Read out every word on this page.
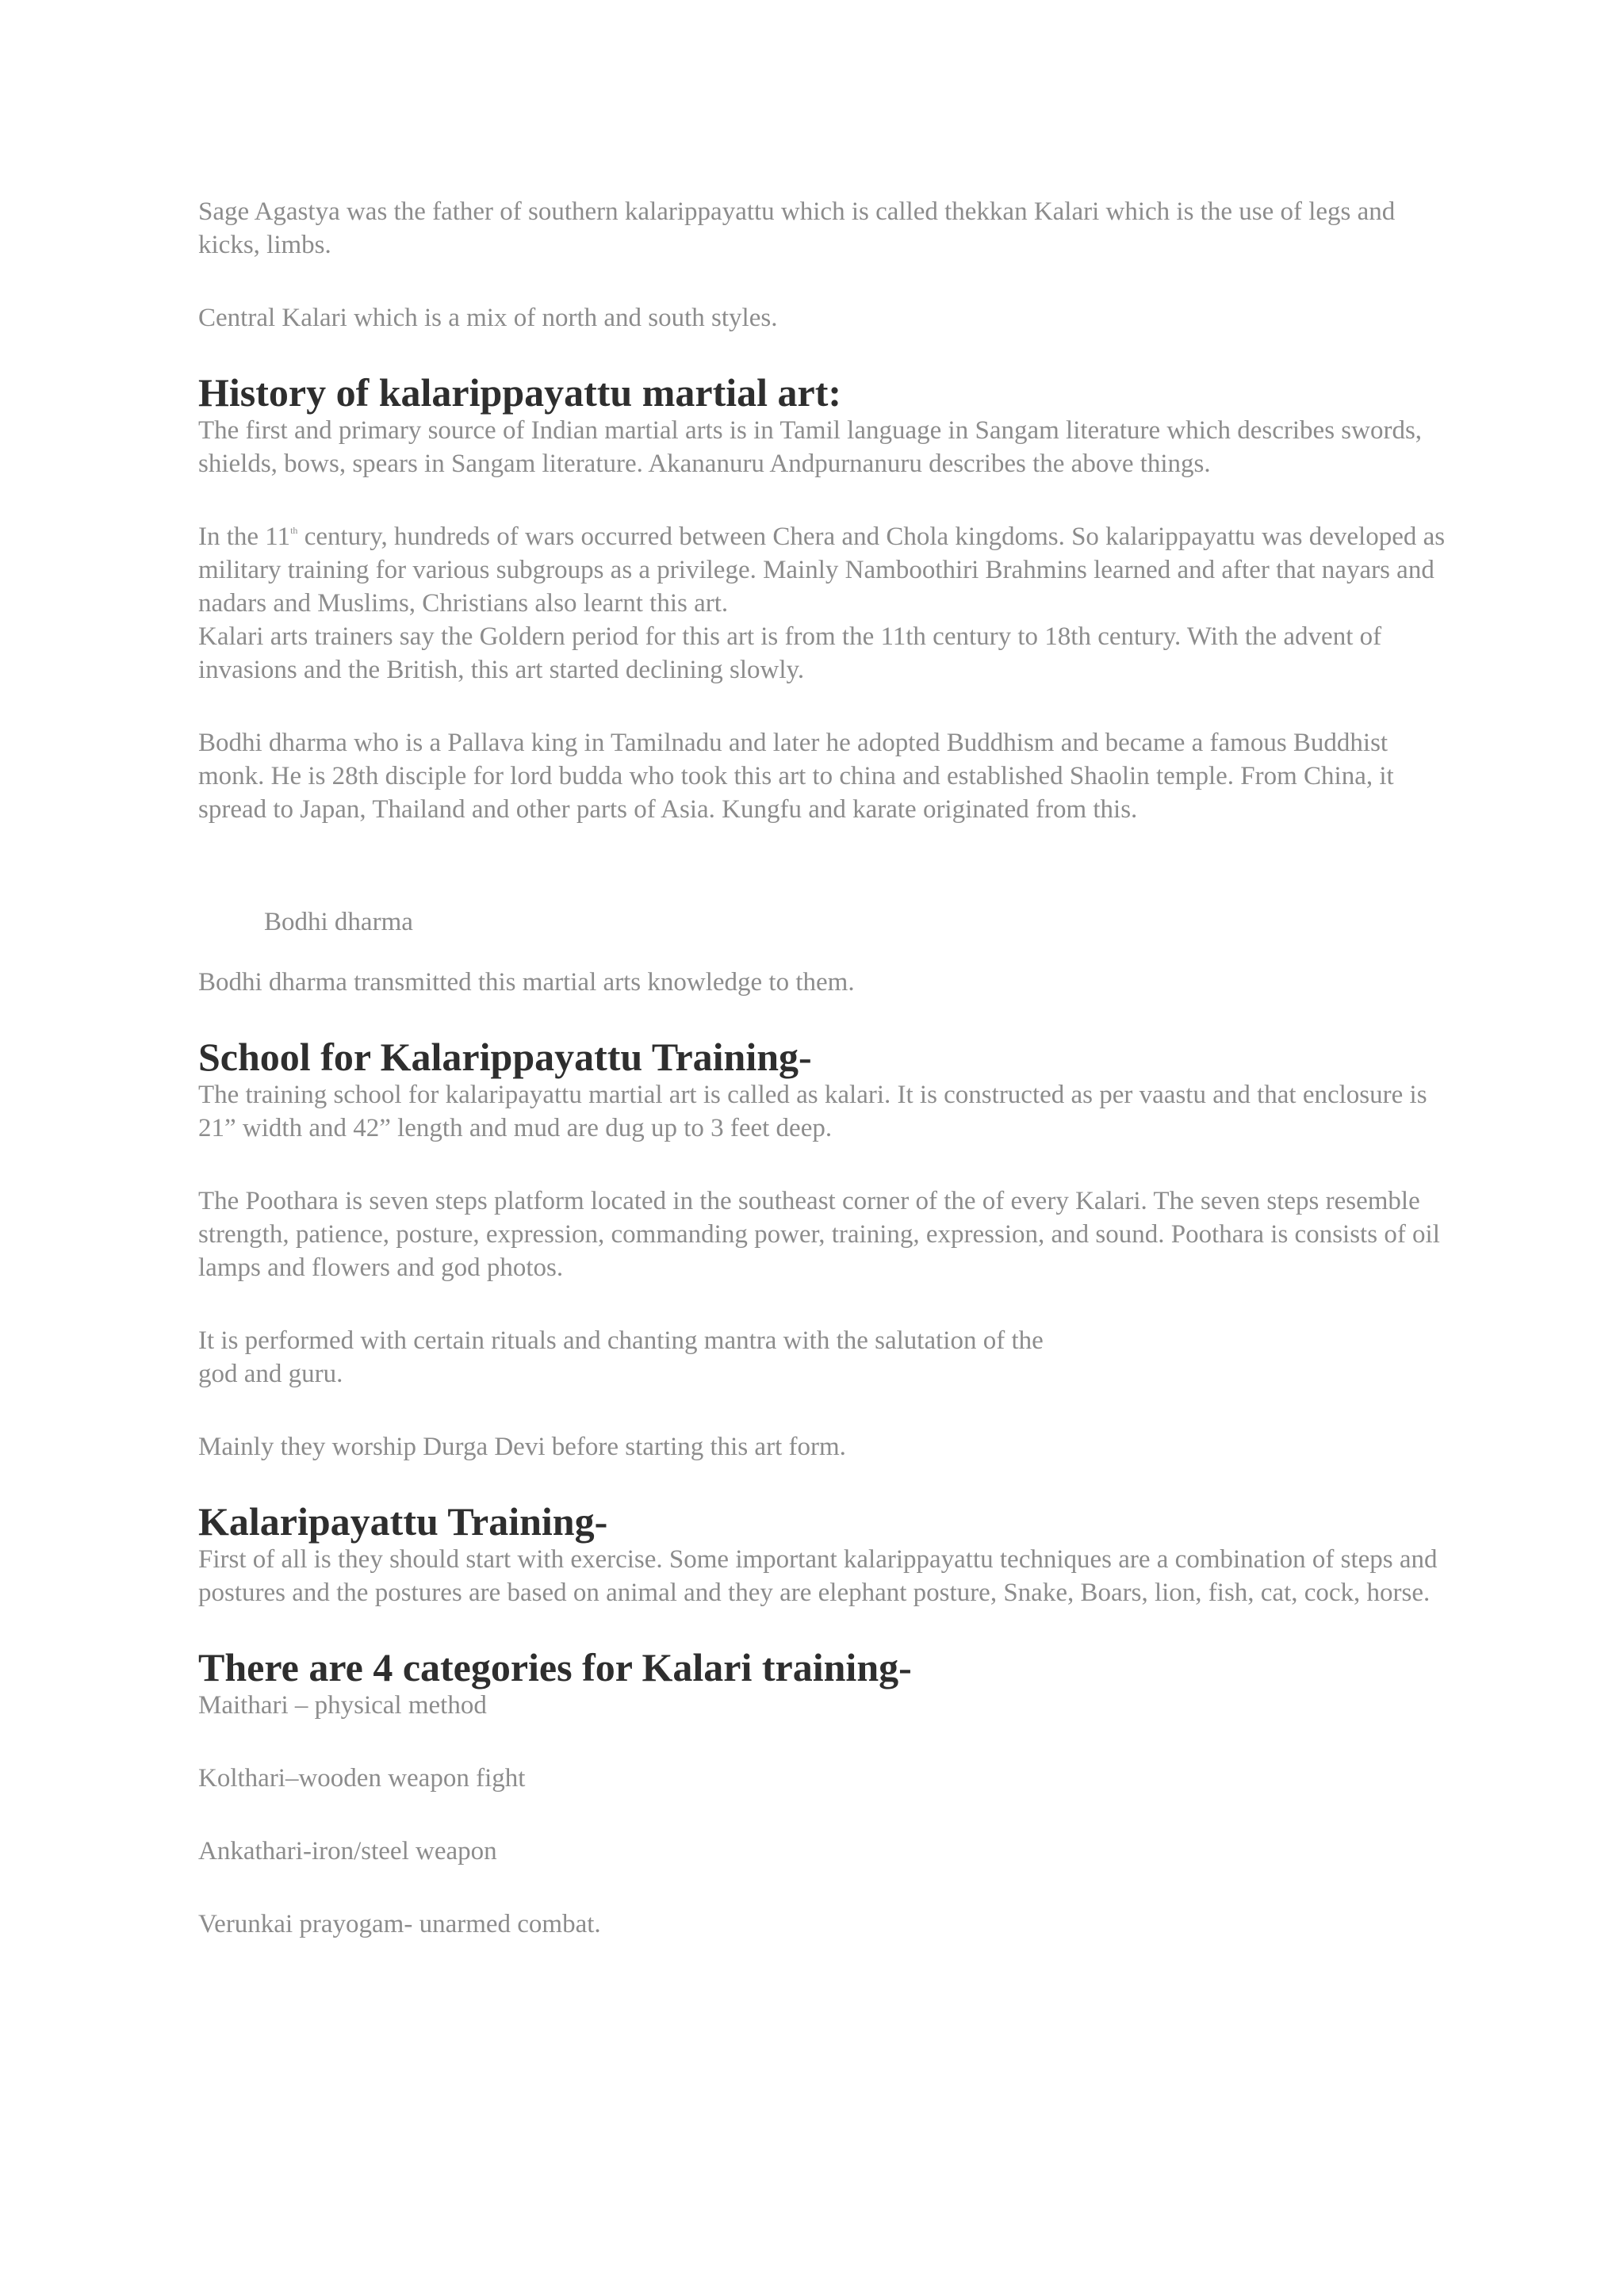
Sage Agastya was the father of southern kalarippayattu which is called thekkan Kalari which is the use of legs and kicks, limbs.

Central Kalari which is a mix of north and south styles.

History of kalarippayattu martial art:

The first and primary source of Indian martial arts is in Tamil language in Sangam literature which describes swords, shields, bows, spears in Sangam literature. Akananuru Andpurnanuru describes the above things.

In the 11th century, hundreds of wars occurred between Chera and Chola kingdoms. So kalarippayattu was developed as military training for various subgroups as a privilege. Mainly Namboothiri Brahmins learned and after that nayars and nadars and Muslims, Christians also learnt this art.

Kalari arts trainers say the Goldern period for this art is from the 11th century to 18th century. With the advent of invasions and the British, this art started declining slowly.

Bodhi dharma who is a Pallava king in Tamilnadu and later he adopted Buddhism and became a famous Buddhist monk. He is 28th disciple for lord budda who took this art to china and established Shaolin temple. From China, it spread to Japan, Thailand and other parts of Asia. Kungfu and karate originated from this.

Bodhi dharma

Bodhi dharma transmitted this martial arts knowledge to them.

School for Kalarippayattu Training-

The training school for kalaripayattu martial art is called as kalari. It is constructed as per vaastu and that enclosure is 21” width and 42” length and mud are dug up to 3 feet deep.

The Poothara is seven steps platform located in the southeast corner of the of every Kalari. The seven steps resemble strength, patience, posture, expression, commanding power, training, expression, and sound. Poothara is consists of oil lamps and flowers and god photos.

It is performed with certain rituals and chanting mantra with the salutation of the
god and guru.

Mainly they worship Durga Devi before starting this art form.

Kalaripayattu Training-

First of all is they should start with exercise. Some important kalarippayattu techniques are a combination of steps and postures and the postures are based on animal and they are elephant posture, Snake, Boars, lion, fish, cat, cock, horse.

There are 4 categories for Kalari training-

Maithari – physical method

Kolthari–wooden weapon fight

Ankathari-iron/steel weapon

Verunkai prayogam- unarmed combat.
